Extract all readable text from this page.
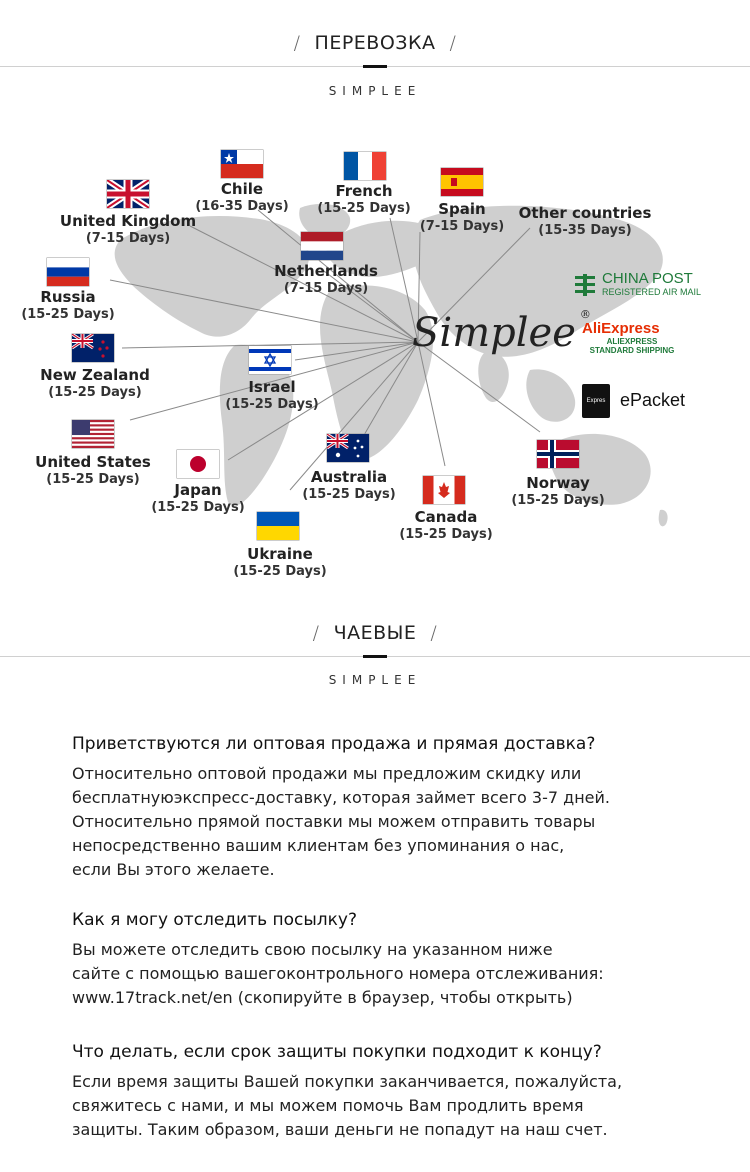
/ ПЕРЕВОЗКА /
SIMPLEE
Simplee ®
Chile
(16-35 Days)
French
(15-25 Days)	Spain
(7-15 Days)
Other countries
(15-35 Days)
United Kingdom
(7-15 Days)
Netherlands
(7-15 Days)
Russia
(15-25 Days)
New Zealand
(15-25 Days)	Israel
(15-25 Days)
United States
(15-25 Days)
Japan
(15-25 Days)
Australia
(15-25 Days)
Ukraine
(15-25 Days)
Canada
(15-25 Days)
Norway
(15-25 Days)
CHINA POST
REGISTERED AIR MAIL
AliExpress
ALIEXPRESS
STANDARD SHIPPING
Expres ePacket
/ ЧАЕВЫЕ /
SIMPLEE
Приветствуются ли оптовая продажа и прямая доставка?

Относительно оптовой продажи мы предложим скидку или

бесплатнуюэкспресс-доставку, которая займет всего 3-7 дней.

Относительно прямой поставки мы можем отправить товары

непосредственно вашим клиентам без упоминания о нас,

если Вы этого желаете.

Как я могу отследить посылку?

Вы можете отследить свою посылку на указанном ниже

сайте с помощью вашегоконтрольного номера отслеживания:

www.17track.net/en (скопируйте в браузер, чтобы открыть)

Что делать, если срок защиты покупки подходит к концу?

Если время защиты Вашей покупки заканчивается, пожалуйста,

свяжитесь с нами, и мы можем помочь Вам продлить время

защиты. Таким образом, ваши деньги не попадут на наш счет.
